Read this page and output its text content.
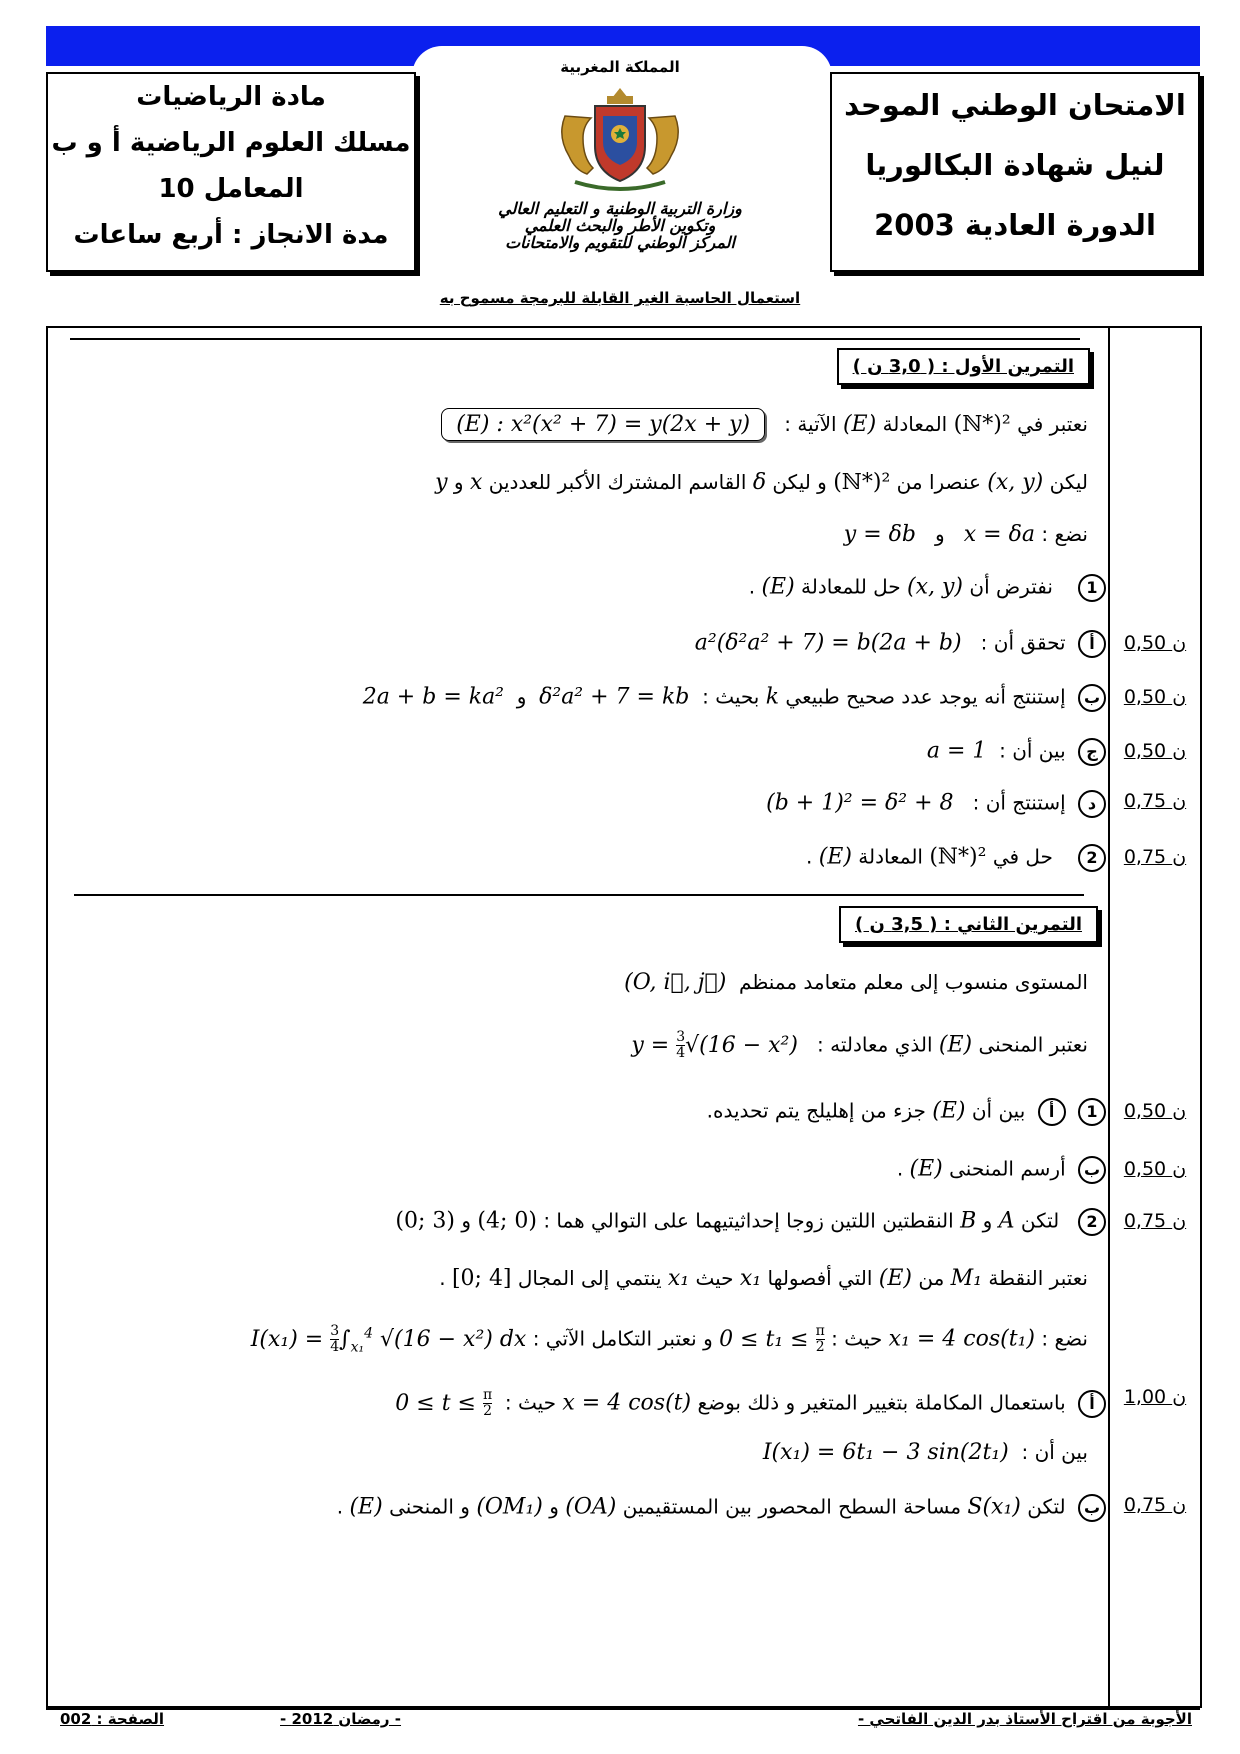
الامتحان الوطني الموحد
لنيل شهادة البكالوريا
الدورة العادية 2003
مادة الرياضيات
مسلك العلوم الرياضية أ و ب
المعامل 10
مدة الانجاز : أربع ساعات
المملكة المغربية
وزارة التربية الوطنية و التعليم العالي
وتكوين الأطر والبحث العلمي
المركز الوطني للتقويم والامتحانات
استعمال الحاسبة الغير القابلة للبرمجة مسموح به
التمرين الأول : ( 3,0 ن )
نعتبر في (ℕ*)² المعادلة (E) الآتية :   (E) : x²(x² + 7) = y(2x + y)
ليكن (x, y) عنصرا من (ℕ*)² و ليكن δ القاسم المشترك الأكبر للعددين x و y
نضع : x = δa   و   y = δb
1   نفترض أن (x, y) حل للمعادلة (E) .
أ تحقق أن :   a²(δ²a² + 7) = b(2a + b)	0,50 ن
ب إستنتج أنه يوجد عدد صحيح طبيعي k بحيث :  δ²a² + 7 = kb  و  2a + b = ka²	0,50 ن
ج بين أن :  a = 1	0,50 ن
د إستنتج أن :   (b + 1)² = δ² + 8	0,75 ن
2   حل في (ℕ*)² المعادلة (E) .	0,75 ن
التمرين الثاني : ( 3,5 ن )
المستوى منسوب إلى معلم متعامد ممنظم  (O, i⃗, j⃗)
نعتبر المنحنى (E) الذي معادلته :   $y = \frac{3}{4} √(16 - x^2)$
1 أ بين أن (E) جزء من إهليلج يتم تحديده.	0,50 ن
ب أرسم المنحنى (E) .	0,50 ن
2  لتكن A و B النقطتين اللتين زوجا إحداثيتيهما على التوالي هما : (4; 0) و (0; 3)	0,75 ن
نعتبر النقطة M₁ من (E) التي أفصولها x₁ حيث x₁ ينتمي إلى المجال [0; 4] .
نضع : x₁ = 4 cos(t₁) حيث : $0 \le t_1 \le \frac{\pi}{2}$
و نعتبر التكامل الآتي : $I(x_1) = \frac{3}{4} \int_{x_1}^4$ √(16 − x²) dx
أ باستعمال المكاملة بتغيير المتغير و ذلك بوضع x = 4 cos(t) حيث :  $0 \le t \le \frac{\pi}{2}$	1,00 ن
بين أن :  I(x₁) = 6t₁ − 3 sin(2t₁)
ب لتكن S(x₁) مساحة السطح المحصور بين المستقيمين (OA) و (OM₁) و المنحنى (E) .	0,75 ن
الأجوبة من اقتراح الأستاذ بدر الدين الفاتحي -
- رمضان 2012 -
الصفحة : 002
